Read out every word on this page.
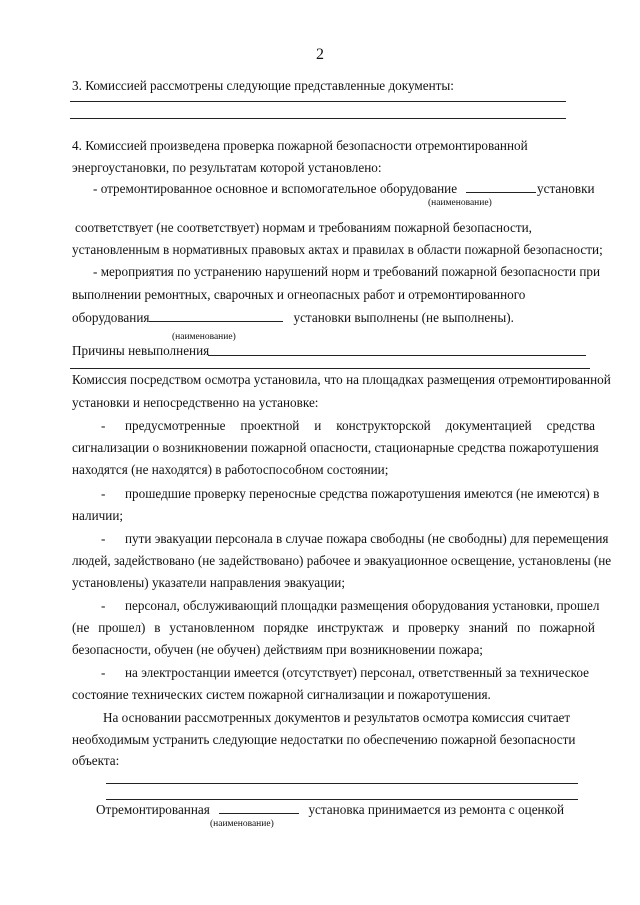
2
3. Комиссией рассмотрены следующие представленные документы:
4. Комиссией произведена проверка пожарной безопасности отремонтированной
энергоустановки, по результатам которой установлено:
- отремонтированное основное и вспомогательное оборудование	установки
(наименование)
соответствует (не соответствует) нормам и требованиям пожарной безопасности,
установленным в нормативных правовых актах и правилах в области пожарной безопасности;
- мероприятия по устранению нарушений норм и требований пожарной безопасности при
выполнении ремонтных, сварочных и огнеопасных работ и отремонтированного
оборудования	установки выполнены (не выполнены).
(наименование)
Причины невыполнения
Комиссия посредством осмотра установила, что на площадках размещения отремонтированной
установки и непосредственно на установке:
- предусмотренные проектной и конструкторской документацией средства
сигнализации о возникновении пожарной опасности, стационарные средства пожаротушения
находятся (не находятся) в работоспособном состоянии;
- прошедшие проверку переносные средства пожаротушения имеются (не имеются) в
наличии;
- пути эвакуации персонала в случае пожара свободны (не свободны) для перемещения
людей, задействовано (не задействовано) рабочее и эвакуационное освещение, установлены (не
установлены) указатели направления эвакуации;
- персонал, обслуживающий площадки размещения оборудования установки, прошел
(не прошел) в установленном порядке инструктаж и проверку знаний по пожарной
безопасности, обучен (не обучен) действиям при возникновении пожара;
- на электростанции имеется (отсутствует) персонал, ответственный за техническое
состояние технических систем пожарной сигнализации и пожаротушения.
На основании рассмотренных документов и результатов осмотра комиссия считает
необходимым устранить следующие недостатки по обеспечению пожарной безопасности
объекта:
Отремонтированная	установка принимается из ремонта с оценкой
(наименование)
